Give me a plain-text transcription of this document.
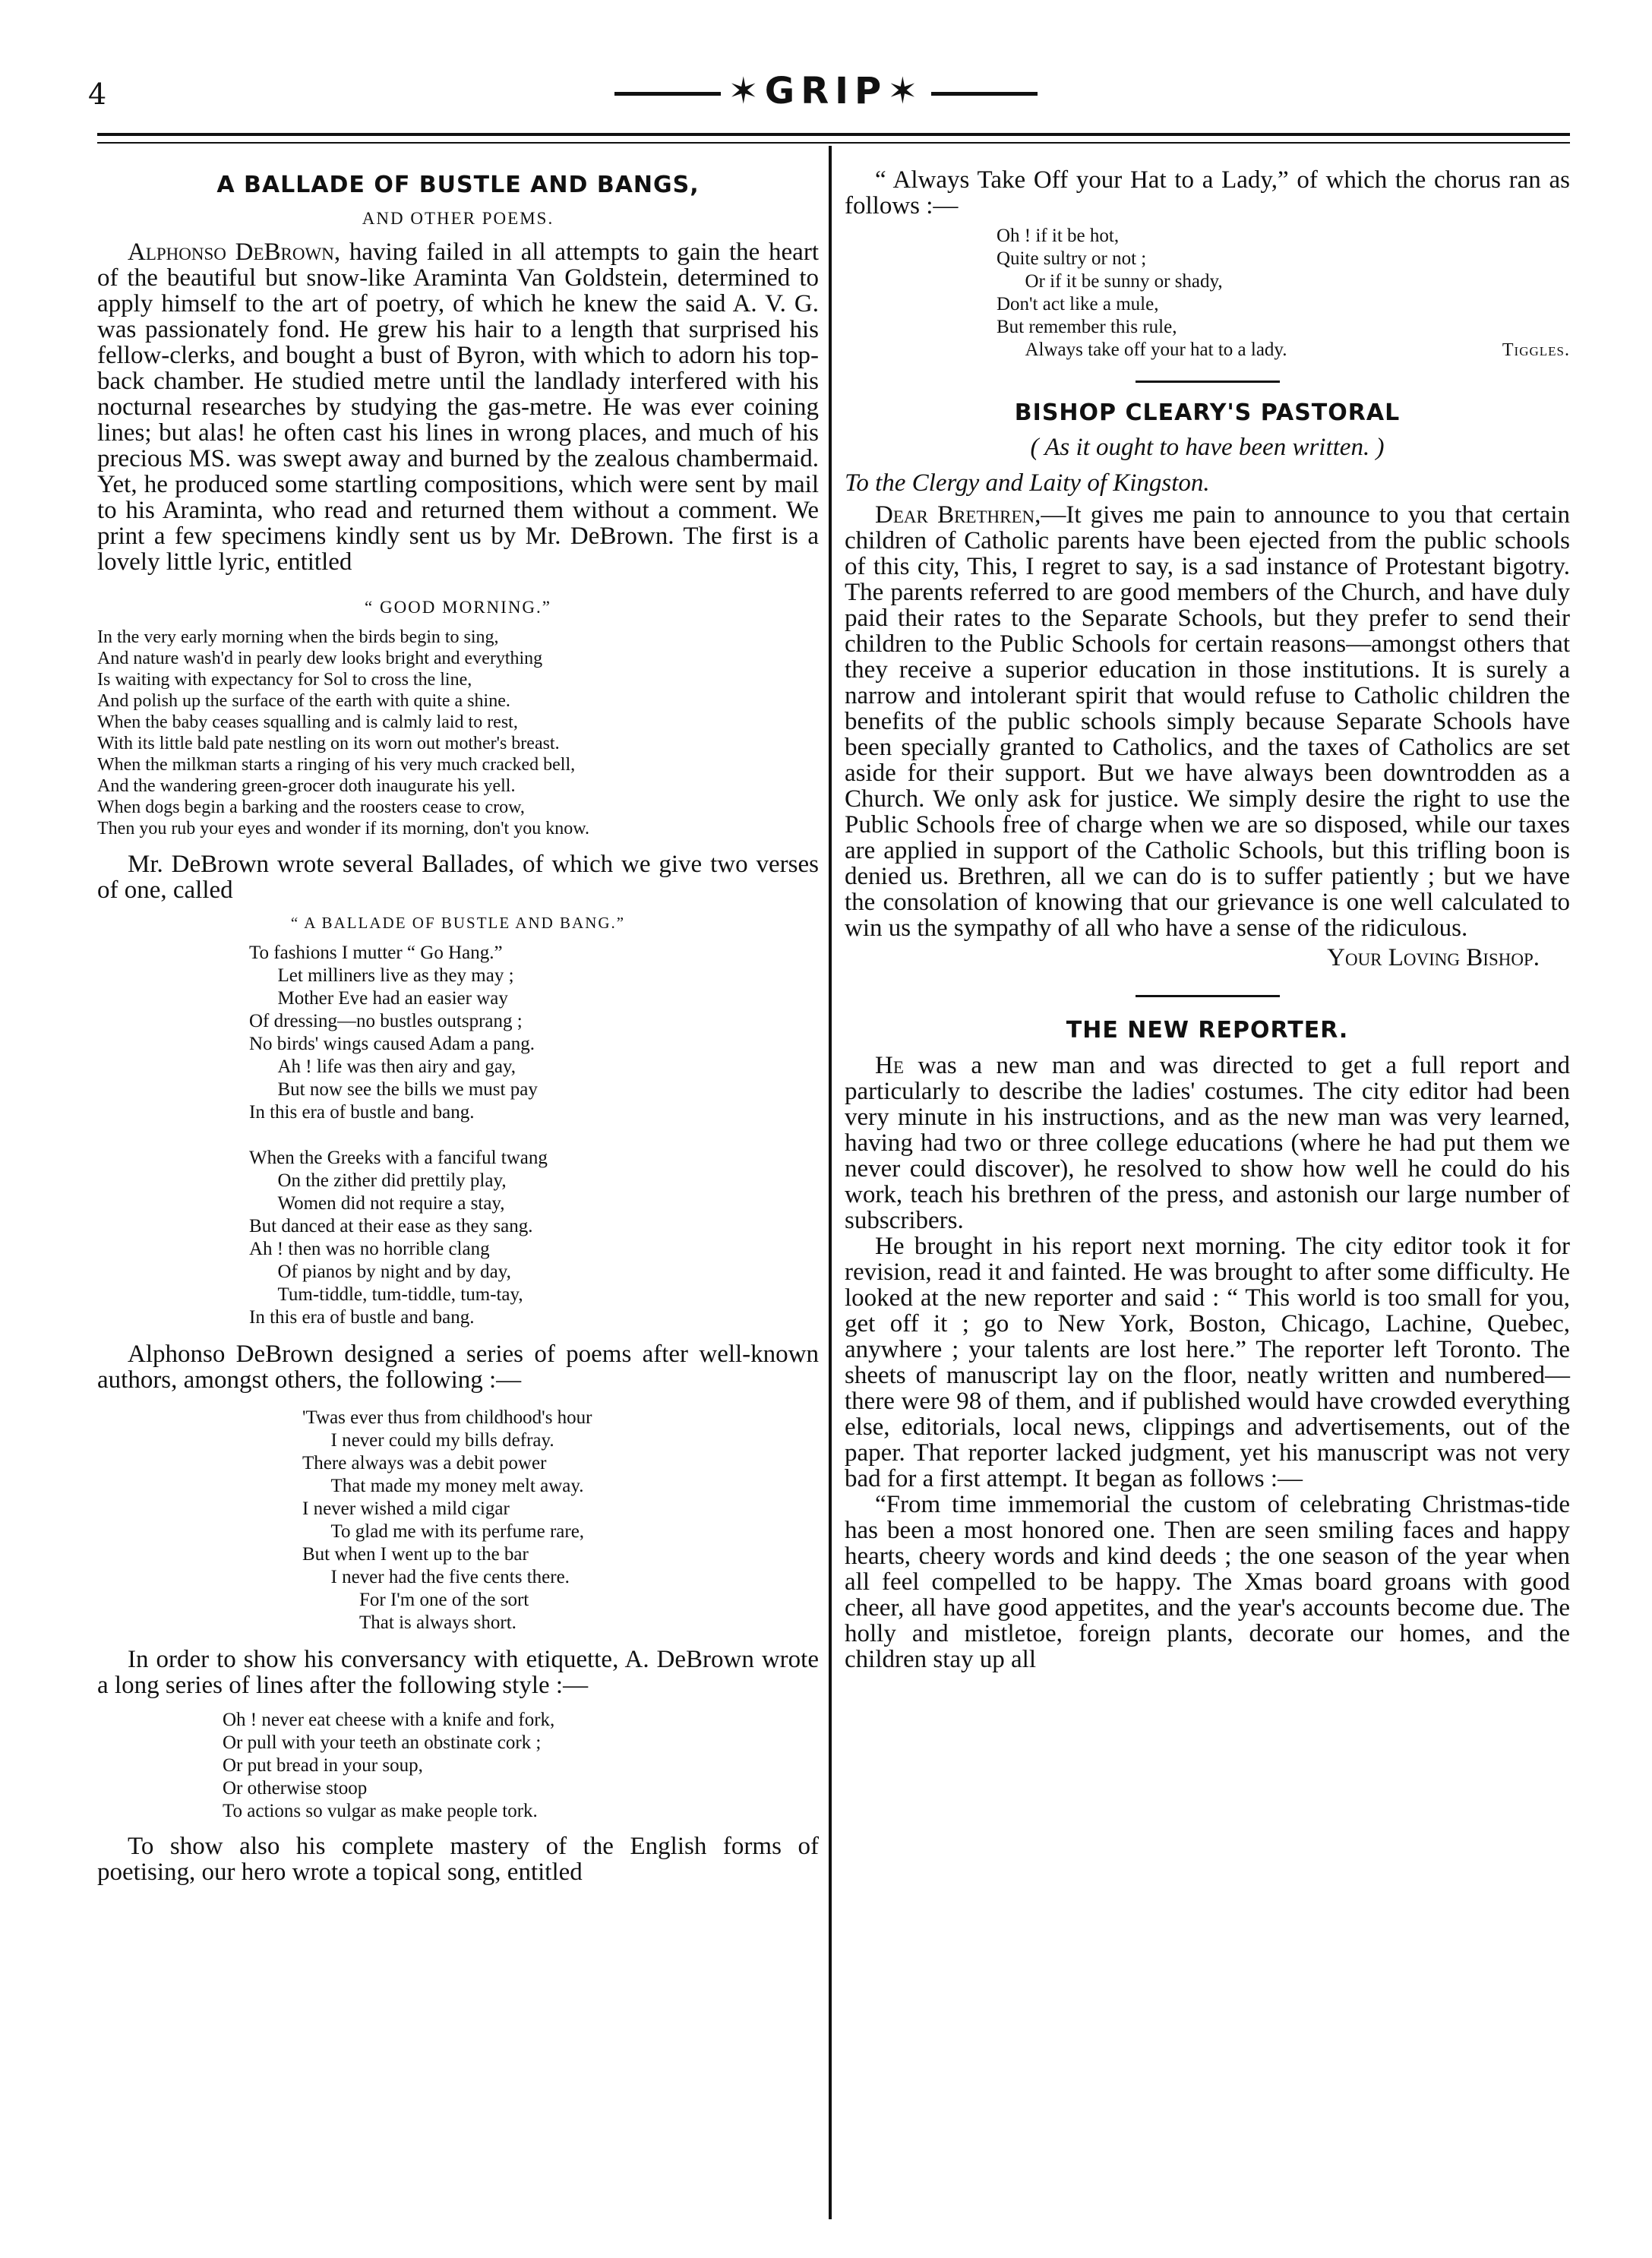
4	✶GRIP✶
A BALLADE OF BUSTLE AND BANGS,
AND OTHER POEMS.

Alphonso DeBrown, having failed in all attempts to gain the heart of the beautiful but snow-like Araminta Van Goldstein, determined to apply himself to the art of poetry, of which he knew the said A. V. G. was passionately fond. He grew his hair to a length that surprised his fellow-clerks, and bought a bust of Byron, with which to adorn his top-back chamber. He studied metre until the landlady interfered with his nocturnal researches by studying the gas-metre. He was ever coining lines; but alas! he often cast his lines in wrong places, and much of his precious MS. was swept away and burned by the zealous chambermaid. Yet, he produced some startling compositions, which were sent by mail to his Araminta, who read and returned them without a comment. We print a few specimens kindly sent us by Mr. DeBrown. The first is a lovely little lyric, entitled

“ GOOD MORNING.”
In the very early morning when the birds begin to sing,
And nature wash'd in pearly dew looks bright and everything
Is waiting with expectancy for Sol to cross the line,
And polish up the surface of the earth with quite a shine.
When the baby ceases squalling and is calmly laid to rest,
With its little bald pate nestling on its worn out mother's breast.
When the milkman starts a ringing of his very much cracked bell,
And the wandering green-grocer doth inaugurate his yell.
When dogs begin a barking and the roosters cease to crow,
Then you rub your eyes and wonder if its morning, don't you know.

Mr. DeBrown wrote several Ballades, of which we give two verses of one, called

“ A BALLADE OF BUSTLE AND BANG.”
To fashions I mutter “ Go Hang.”
Let milliners live as they may ;
Mother Eve had an easier way
Of dressing—no bustles outsprang ;
No birds' wings caused Adam a pang.
Ah ! life was then airy and gay,
But now see the bills we must pay
In this era of bustle and bang.
When the Greeks with a fanciful twang
On the zither did prettily play,
Women did not require a stay,
But danced at their ease as they sang.
Ah ! then was no horrible clang
Of pianos by night and by day,
Tum-tiddle, tum-tiddle, tum-tay,
In this era of bustle and bang.

Alphonso DeBrown designed a series of poems after well-known authors, amongst others, the following :—

'Twas ever thus from childhood's hour
I never could my bills defray.
There always was a debit power
That made my money melt away.
I never wished a mild cigar
To glad me with its perfume rare,
But when I went up to the bar
I never had the five cents there.
For I'm one of the sort
That is always short.

In order to show his conversancy with etiquette, A. DeBrown wrote a long series of lines after the following style :—

Oh ! never eat cheese with a knife and fork,
Or pull with your teeth an obstinate cork ;
Or put bread in your soup,
Or otherwise stoop
To actions so vulgar as make people tork.

To show also his complete mastery of the English forms of poetising, our hero wrote a topical song, entitled

“ Always Take Off your Hat to a Lady,” of which the chorus ran as follows :—

Oh ! if it be hot,
Quite sultry or not ;
Or if it be sunny or shady,
Don't act like a mule,
But remember this rule,
Always take off your hat to a lady.	Tiggles.
BISHOP CLEARY'S PASTORAL
( As it ought to have been written. )
To the Clergy and Laity of Kingston.

Dear Brethren,—It gives me pain to announce to you that certain children of Catholic parents have been ejected from the public schools of this city, This, I regret to say, is a sad instance of Protestant bigotry. The parents referred to are good members of the Church, and have duly paid their rates to the Separate Schools, but they prefer to send their children to the Public Schools for certain reasons—amongst others that they receive a superior education in those institutions. It is surely a narrow and intolerant spirit that would refuse to Catholic children the benefits of the public schools simply because Separate Schools have been specially granted to Catholics, and the taxes of Catholics are set aside for their support. But we have always been downtrodden as a Church. We only ask for justice. We simply desire the right to use the Public Schools free of charge when we are so disposed, while our taxes are applied in support of the Catholic Schools, but this trifling boon is denied us. Brethren, all we can do is to suffer patiently ; but we have the consolation of knowing that our grievance is one well calculated to win us the sympathy of all who have a sense of the ridiculous.

Your Loving Bishop.
THE NEW REPORTER.

He was a new man and was directed to get a full report and particularly to describe the ladies' costumes. The city editor had been very minute in his instructions, and as the new man was very learned, having had two or three college educations (where he had put them we never could discover), he resolved to show how well he could do his work, teach his brethren of the press, and astonish our large number of subscribers.

He brought in his report next morning. The city editor took it for revision, read it and fainted. He was brought to after some difficulty. He looked at the new reporter and said : “ This world is too small for you, get off it ; go to New York, Boston, Chicago, Lachine, Quebec, anywhere ; your talents are lost here.” The reporter left Toronto. The sheets of manuscript lay on the floor, neatly written and numbered—there were 98 of them, and if published would have crowded everything else, editorials, local news, clippings and advertisements, out of the paper. That reporter lacked judgment, yet his manuscript was not very bad for a first attempt. It began as follows :—

“From time immemorial the custom of celebrating Christmas-tide has been a most honored one. Then are seen smiling faces and happy hearts, cheery words and kind deeds ; the one season of the year when all feel compelled to be happy. The Xmas board groans with good cheer, all have good appetites, and the year's accounts become due. The holly and mistletoe, foreign plants, decorate our homes, and the children stay up all
